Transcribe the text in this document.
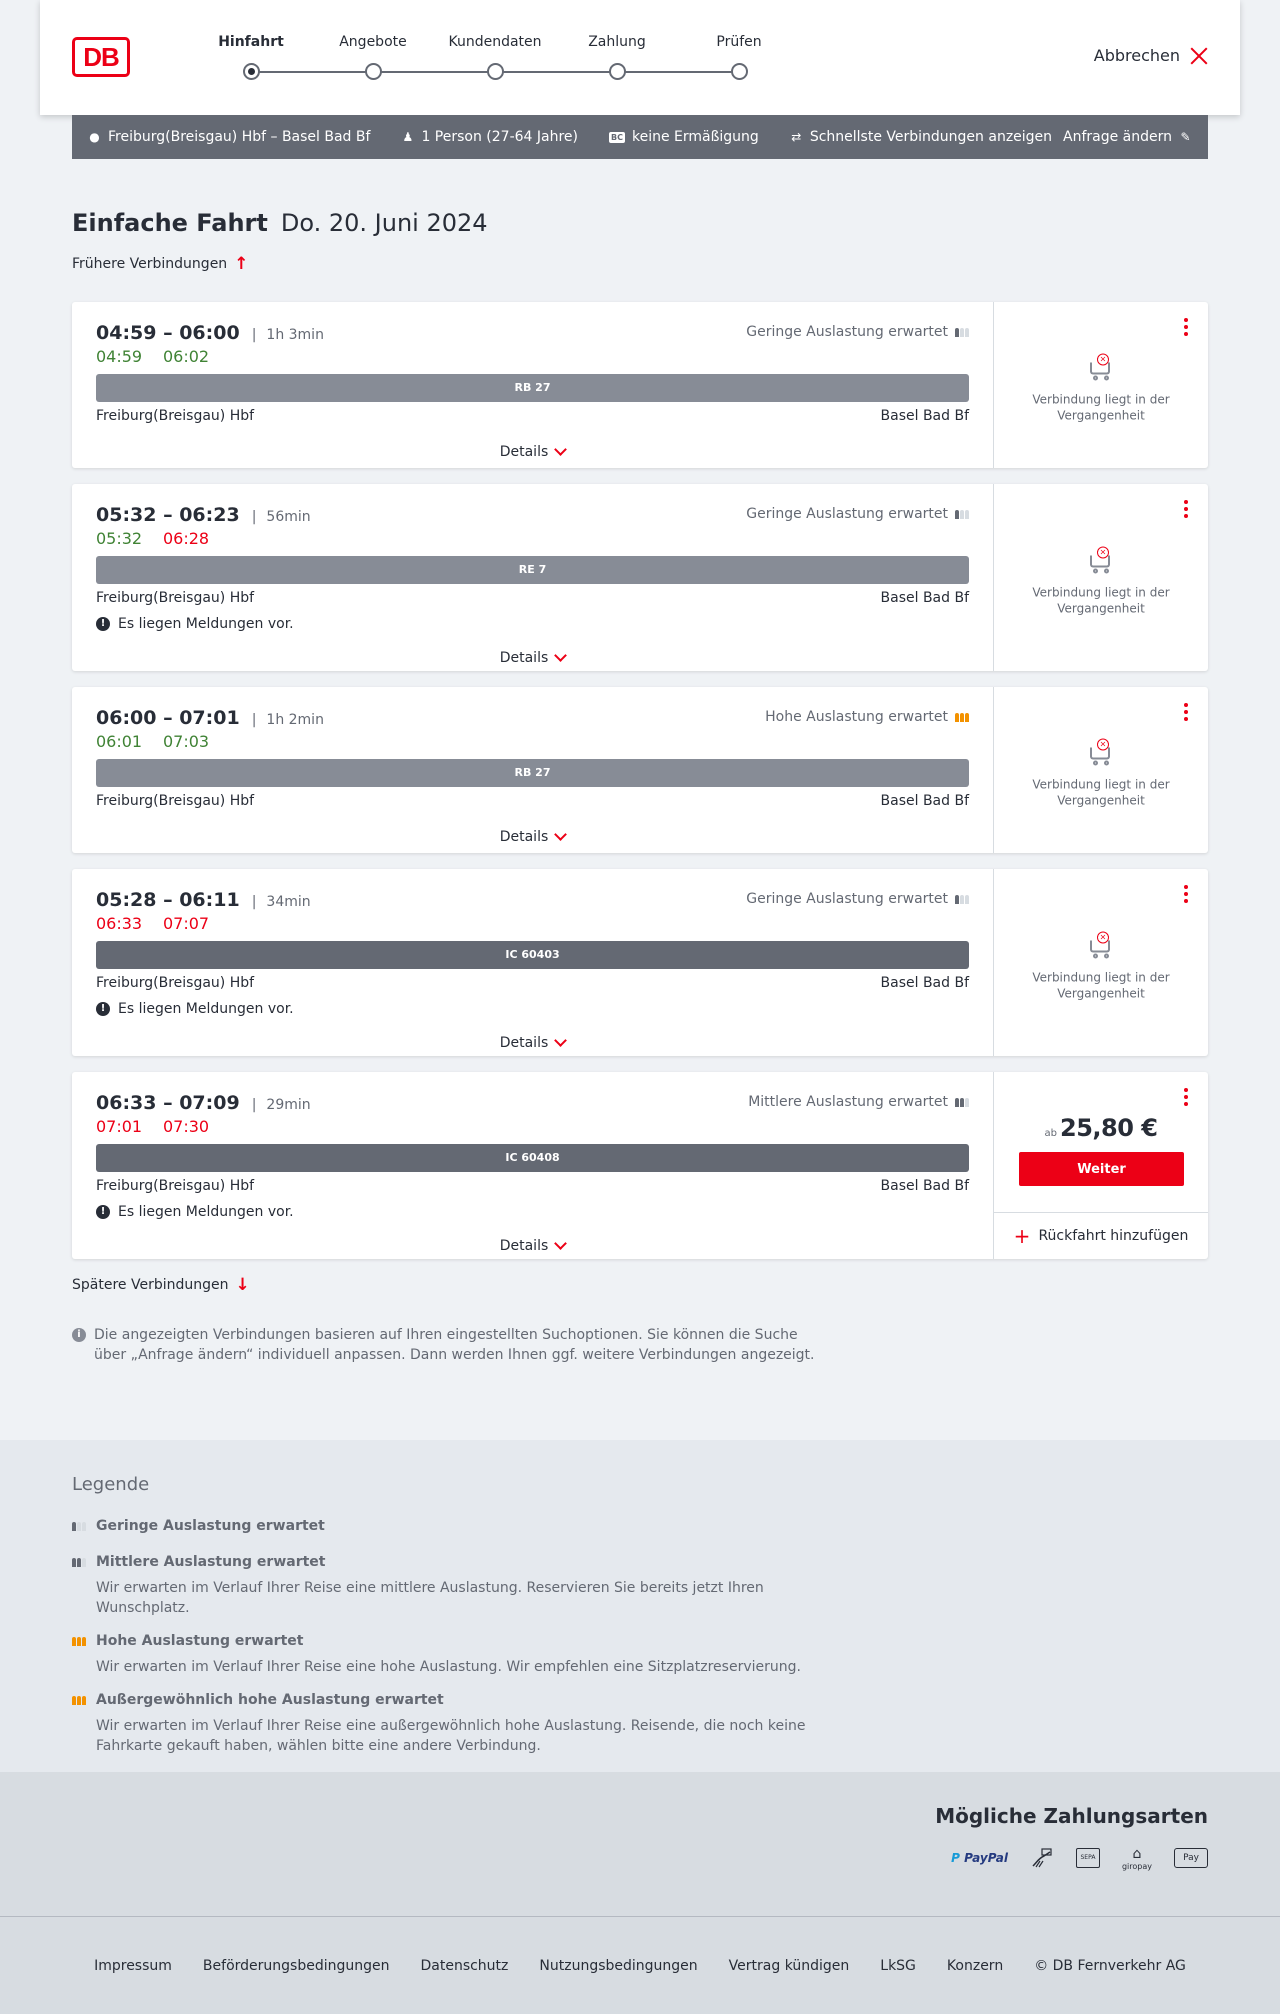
DB	Hinfahrt	Angebote	Kundendaten	Zahlung	Prüfen
Abbrechen
● Freiburg(Breisgau) Hbf – Basel Bad Bf	♟ 1 Person (27-64 Jahre)	BC keine Ermäßigung	⇄ Schnellste Verbindungen anzeigen Anfrage ändern ✎
Einfache Fahrt Do. 20. Juni 2024
Frühere Verbindungen ↑
04:59 – 06:00 | 1h 3min	Geringe Auslastung erwartet
04:59	06:02
RB 27
Freiburg(Breisgau) Hbf	Basel Bad Bf
Details
×
Verbindung liegt in der Vergangenheit
05:32 – 06:23 | 56min	Geringe Auslastung erwartet
05:32	06:28
RE 7
Freiburg(Breisgau) Hbf	Basel Bad Bf
! Es liegen Meldungen vor.
Details
×
Verbindung liegt in der Vergangenheit
06:00 – 07:01 | 1h 2min	Hohe Auslastung erwartet
06:01	07:03
RB 27
Freiburg(Breisgau) Hbf	Basel Bad Bf
Details
×
Verbindung liegt in der Vergangenheit
05:28 – 06:11 | 34min	Geringe Auslastung erwartet
06:33	07:07
IC 60403
Freiburg(Breisgau) Hbf	Basel Bad Bf
! Es liegen Meldungen vor.
Details
×
Verbindung liegt in der Vergangenheit
06:33 – 07:09 | 29min	Mittlere Auslastung erwartet
07:01	07:30
IC 60408
Freiburg(Breisgau) Hbf	Basel Bad Bf
! Es liegen Meldungen vor.
Details
ab 25,80 €
Weiter
+ Rückfahrt hinzufügen
Spätere Verbindungen ↓
i Die angezeigten Verbindungen basieren auf Ihren eingestellten Suchoptionen. Sie können die Suche über „Anfrage ändern“ individuell anpassen. Dann werden Ihnen ggf. weitere Verbindungen angezeigt.
Legende
Geringe Auslastung erwartet
Mittlere Auslastung erwartet
Wir erwarten im Verlauf Ihrer Reise eine mittlere Auslastung. Reservieren Sie bereits jetzt Ihren Wunschplatz.
Hohe Auslastung erwartet
Wir erwarten im Verlauf Ihrer Reise eine hohe Auslastung. Wir empfehlen eine Sitzplatzreservierung.
Außergewöhnlich hohe Auslastung erwartet
Wir erwarten im Verlauf Ihrer Reise eine außergewöhnlich hohe Auslastung. Reisende, die noch keine Fahrkarte gekauft haben, wählen bitte eine andere Verbindung.
Mögliche Zahlungsarten
P
PayPal	SEPA	⌂
giropay
Pay
Impressum Beförderungsbedingungen Datenschutz Nutzungsbedingungen Vertrag kündigen LkSG Konzern © DB Fernverkehr AG
